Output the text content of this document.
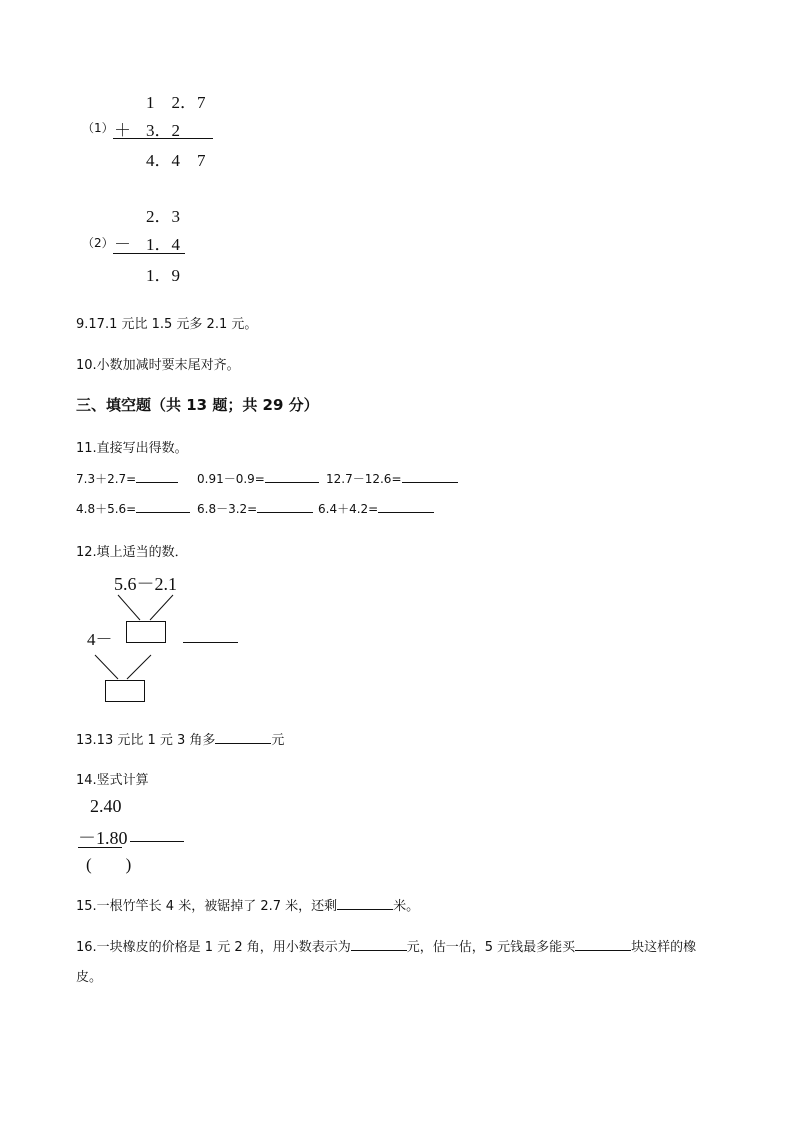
1　2．7
（1） ＋ 3．2
4．4　7
2．3
（2） － 1．4
1．9
9.17.1 元比 1.5 元多 2.1 元。
10.小数加减时要末尾对齐。
三、填空题（共 13 题；共 29 分）
11.直接写出得数。
7.3＋2.7=	0.91－0.9=	12.7－12.6=
4.8＋5.6=	6.8－3.2=	6.4＋4.2=
12.填上适当的数．
5.6－2.1
4－
13.13 元比 1 元 3 角多	元
14.竖式计算
2.40
－1.80
(　　)
15.一根竹竿长 4 米，被锯掉了 2.7 米，还剩	米。
16.一块橡皮的价格是 1 元 2 角，用小数表示为	元，估一估，5 元钱最多能买	块这样的橡
皮。
